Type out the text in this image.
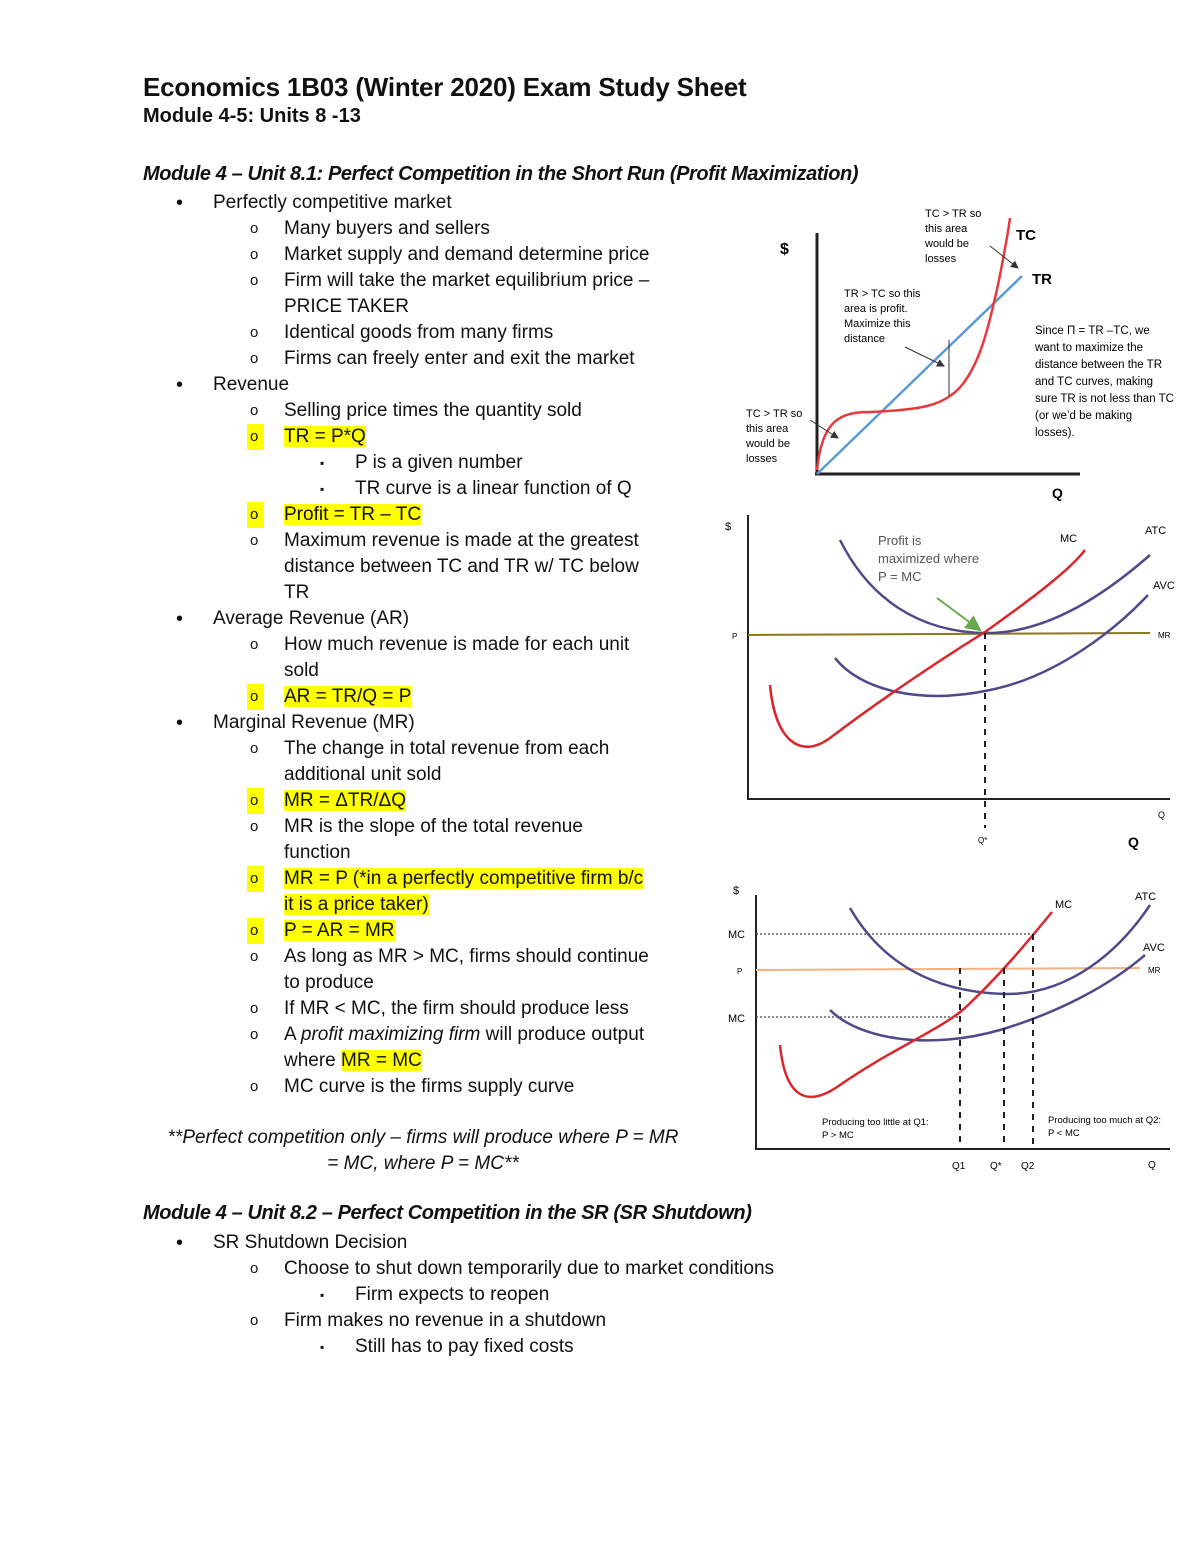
Economics 1B03 (Winter 2020) Exam Study Sheet
Module 4-5: Units 8 -13
Module 4 – Unit 8.1: Perfect Competition in the Short Run (Profit Maximization)
• Perfectly competitive market
o Many buyers and sellers
o Market supply and demand determine price
o Firm will take the market equilibrium price –
PRICE TAKER
o Identical goods from many firms
o Firms can freely enter and exit the market
• Revenue
o Selling price times the quantity sold
o	TR = P*Q
▪ P is a given number
▪ TR curve is a linear function of Q
o	Profit = TR – TC
o Maximum revenue is made at the greatest
distance between TC and TR w/ TC below
TR
• Average Revenue (AR)
o How much revenue is made for each unit
sold
o	AR = TR/Q = P
• Marginal Revenue (MR)
o The change in total revenue from each
additional unit sold
o	MR = ΔTR/ΔQ
o MR is the slope of the total revenue
function
o	MR = P (*in a perfectly competitive firm b/c
it is a price taker)
o	P = AR = MR
o As long as MR > MC, firms should continue
to produce
o If MR < MC, the firm should produce less
o A profit maximizing firm will produce output
where MR = MC
o MC curve is the firms supply curve
**Perfect competition only – firms will produce where P = MR
= MC, where P = MC**
Module 4 – Unit 8.2 – Perfect Competition in the SR (SR Shutdown)
• SR Shutdown Decision
o Choose to shut down temporarily due to market conditions
▪ Firm expects to reopen
o Firm makes no revenue in a shutdown
▪ Still has to pay fixed costs
$
Q
TC
TR
TC > TR so
this area
would be
losses
TR > TC so this
area is profit.
Maximize this
distance
TC > TR so
this area
would be
losses
Since Π = TR –TC, we
want to maximize the
distance between the TR
and TC curves, making
sure TR is not less than TC
(or we’d be making
losses).
$
P
Q
Q
Q*
Profit is
maximized where
P = MC
MC
ATC
AVC
MR
$
MC
P
MC
MC
ATC
AVC
MR
Producing too little at Q1:
P > MC
Producing too much at Q2:
P < MC
Q1 Q* Q2	Q
